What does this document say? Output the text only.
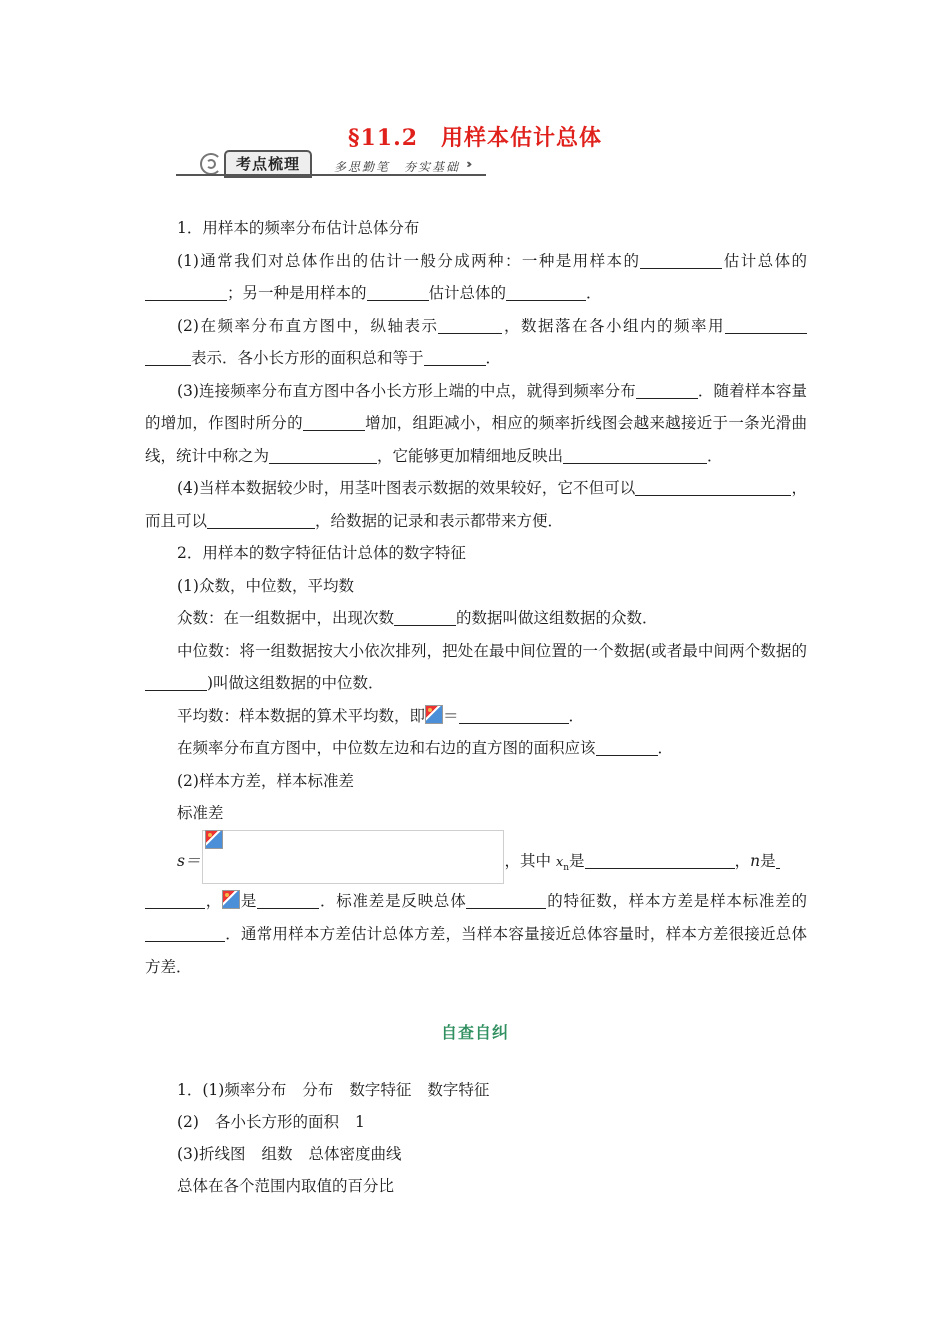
§11.2　用样本估计总体
考点梳理	多思勤笔　夯实基础 ›››

1．用样本的频率分布估计总体分布

(1)通常我们对总体作出的估计一般分成两种：一种是用样本的	估计总体的；另一种是用样本的	估计总体的	．

(2)在频率分布直方图中，纵轴表示	，数据落在各小组内的频率用表示．各小长方形的面积总和等于	．

(3)连接频率分布直方图中各小长方形上端的中点，就得到频率分布	．随着样本容量的增加，作图时所分的	增加，组距减小，相应的频率折线图会越来越接近于一条光滑曲线，统计中称之为	，它能够更加精细地反映出	．

(4)当样本数据较少时，用茎叶图表示数据的效果较好，它不但可以	，而且可以	，给数据的记录和表示都带来方便．

2．用样本的数字特征估计总体的数字特征

(1)众数，中位数，平均数

众数：在一组数据中，出现次数	的数据叫做这组数据的众数．

中位数：将一组数据按大小依次排列，把处在最中间位置的一个数据(或者最中间两个数据的)叫做这组数据的中位数．

平均数：样本数据的算术平均数，即 ＝	．

在频率分布直方图中，中位数左边和右边的直方图的面积应该	．

(2)样本方差，样本标准差

标准差

s＝	，其中 $x_n$是	，n是
， 是	．标准差是反映总体	的特征数，样本方差是样本标准差的．通常用样本方差估计总体方差，当样本容量接近总体容量时，样本方差很接近总体方差．

自查自纠

1．(1)频率分布 分布 数字特征 数字特征

(2) 各小长方形的面积 1

(3)折线图 组数 总体密度曲线

总体在各个范围内取值的百分比
